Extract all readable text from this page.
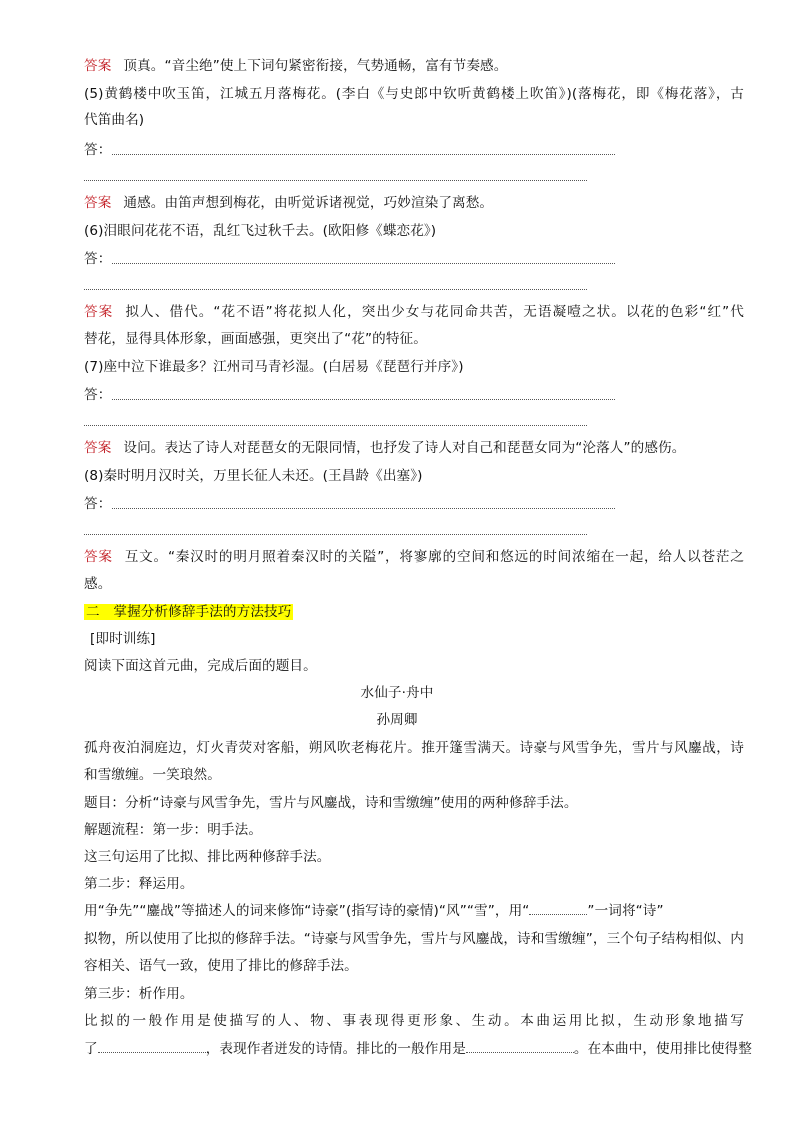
答案 顶真。“音尘绝”使上下词句紧密衔接，气势通畅，富有节奏感。
(5)黄鹤楼中吹玉笛，江城五月落梅花。(李白《与史郎中钦听黄鹤楼上吹笛》)(落梅花，即《梅花落》，古
代笛曲名)
答：
答案 通感。由笛声想到梅花，由听觉诉诸视觉，巧妙渲染了离愁。
(6)泪眼问花花不语，乱红飞过秋千去。(欧阳修《蝶恋花》)
答：
答案 拟人、借代。“花不语”将花拟人化，突出少女与花同命共苦，无语凝噎之状。以花的色彩“红”代
替花，显得具体形象，画面感强，更突出了“花”的特征。
(7)座中泣下谁最多？江州司马青衫湿。(白居易《琵琶行并序》)
答：
答案 设问。表达了诗人对琵琶女的无限同情，也抒发了诗人对自己和琵琶女同为“沦落人”的感伤。
(8)秦时明月汉时关，万里长征人未还。(王昌龄《出塞》)
答：
答案 互文。“秦汉时的明月照着秦汉时的关隘”，将寥廓的空间和悠远的时间浓缩在一起，给人以苍茫之
感。
二　掌握分析修辞手法的方法技巧
[即时训练]
阅读下面这首元曲，完成后面的题目。
水仙子·舟中
孙周卿
孤舟夜泊洞庭边，灯火青荧对客船，朔风吹老梅花片。推开篷雪满天。诗豪与风雪争先，雪片与风鏖战，诗
和雪缴缠。一笑琅然。
题目：分析“诗豪与风雪争先，雪片与风鏖战，诗和雪缴缠”使用的两种修辞手法。
解题流程：第一步：明手法。
这三句运用了比拟、排比两种修辞手法。
第二步：释运用。
用“争先”“鏖战”等描述人的词来修饰“诗豪”(指写诗的豪情)“风”“雪”，用“	”一词将“诗”
拟物，所以使用了比拟的修辞手法。“诗豪与风雪争先，雪片与风鏖战，诗和雪缴缠”，三个句子结构相似、内
容相关、语气一致，使用了排比的修辞手法。
第三步：析作用。
比拟的一般作用是使描写的人、物、事表现得更形象、生动。本曲运用比拟，生动形象地描写
了	，表现作者迸发的诗情。排比的一般作用是	。在本曲中，使用排比使得整
